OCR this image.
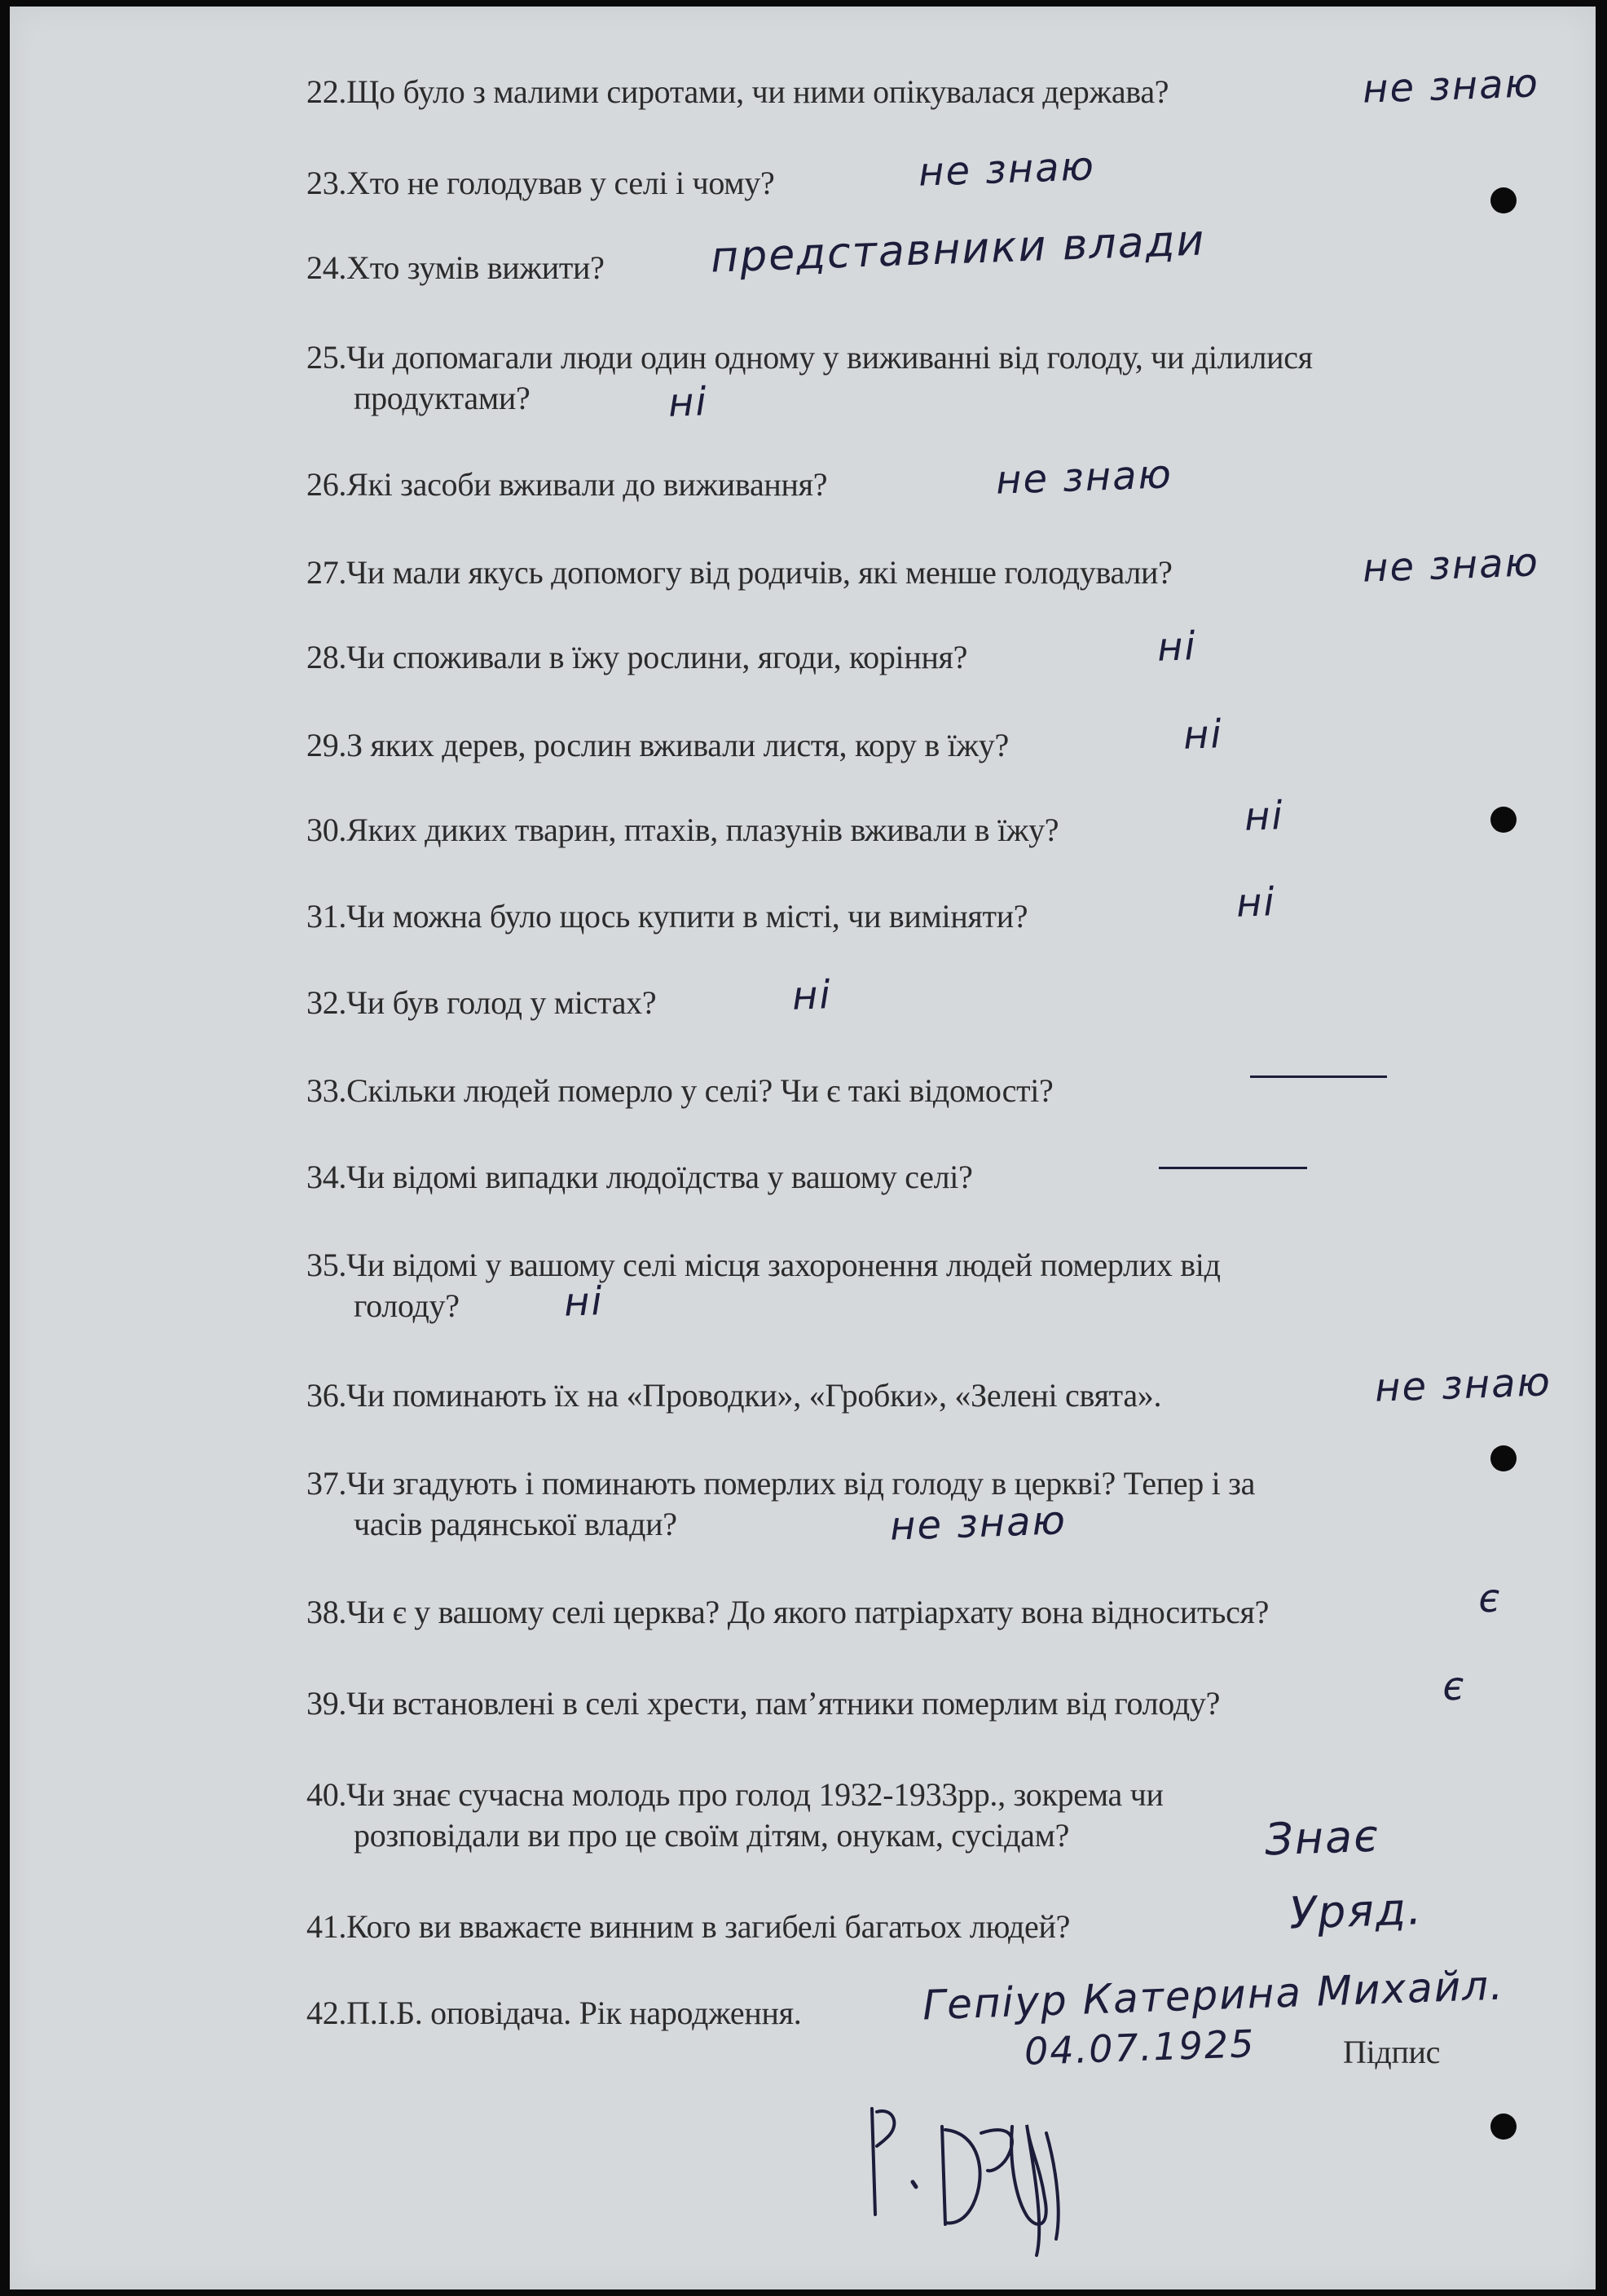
22.Що було з малими сиротами, чи ними опікувалася держава?	не знаю
23.Хто не голодував у селі і чому?	не знаю
24.Хто зумів вижити? представники влади
25.Чи допомагали люди один одному у виживанні від голоду, чи ділилися
продуктами?	ні
26.Які засоби вживали до виживання?	не знаю
27.Чи мали якусь допомогу від родичів, які менше голодували?	не знаю
28.Чи споживали в їжу рослини, ягоди, коріння?	ні
29.З яких дерев, рослин вживали листя, кору в їжу?	ні
30.Яких диких тварин, птахів, плазунів вживали в їжу?	ні
31.Чи можна було щось купити в місті, чи виміняти?	ні
32.Чи був голод у містах?	ні
33.Скільки людей померло у селі? Чи є такі відомості?
34.Чи відомі випадки людоїдства у вашому селі?
35.Чи відомі у вашому селі місця захоронення людей померлих від
голоду?	ні
36.Чи поминають їх на «Проводки», «Гробки», «Зелені свята».	не знаю
37.Чи згадують і поминають померлих від голоду в церкві? Тепер і за
часів радянської влади?	не знаю
38.Чи є у вашому селі церква? До якого патріархату вона відноситься?	є
39.Чи встановлені в селі хрести, пам’ятники померлим від голоду?	є
40.Чи знає сучасна молодь про голод 1932-1933рр., зокрема чи
розповідали ви про це своїм дітям, онукам, сусідам?	Знає
41.Кого ви вважаєте винним в загибелі багатьох людей?	Уряд.
42.П.І.Б. оповідача. Рік народження.	Гепіур Катерина Михайл.
04.07.1925	Підпис
